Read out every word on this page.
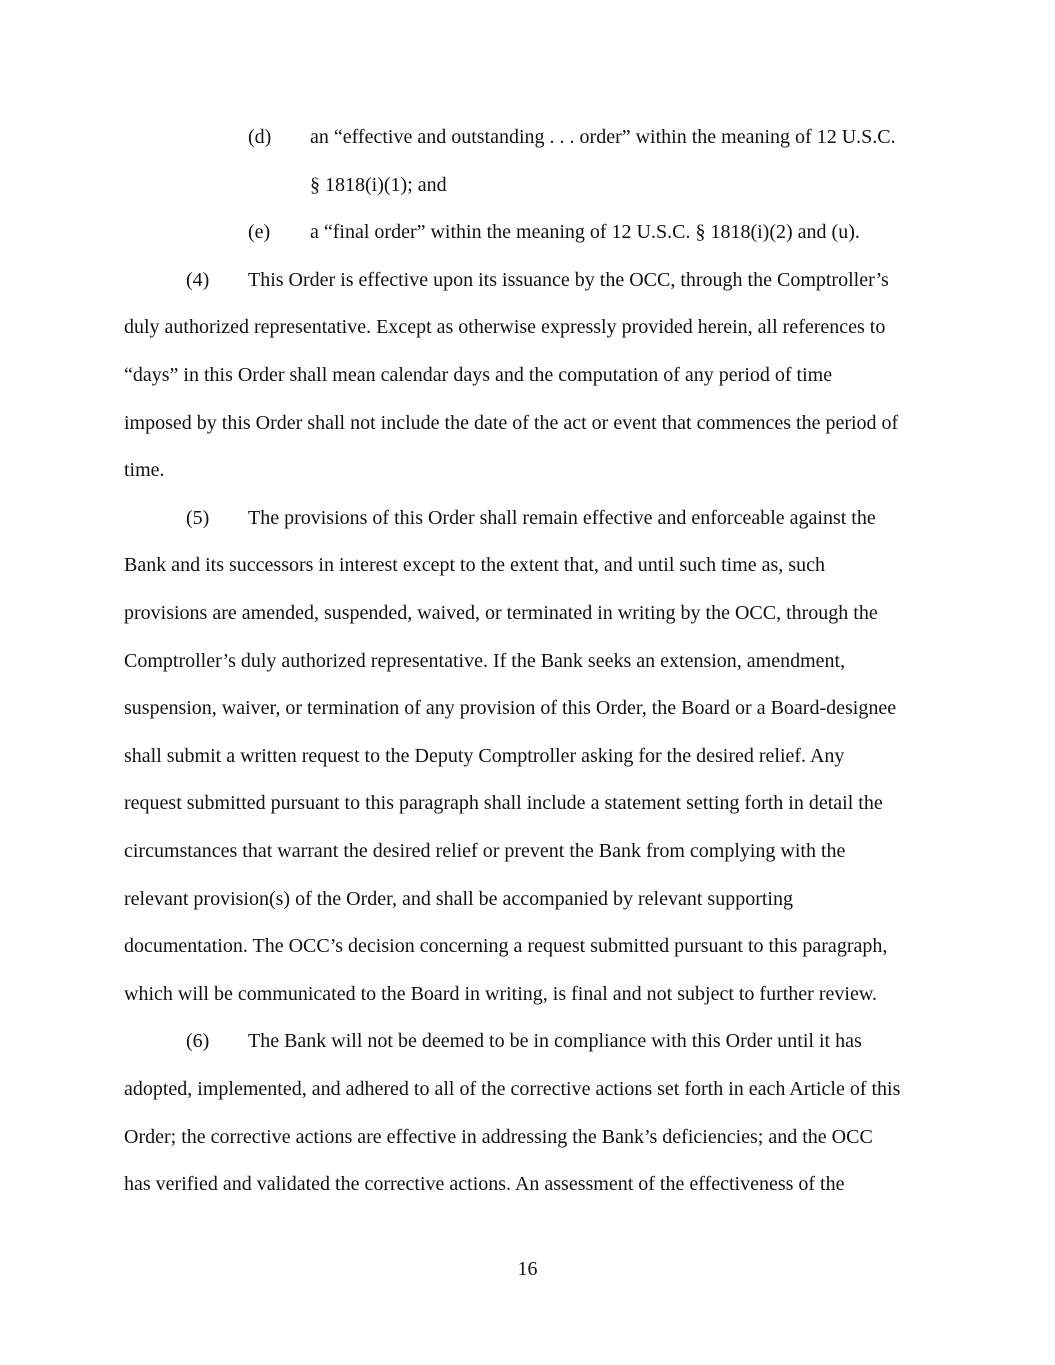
(d) an “effective and outstanding . . . order” within the meaning of 12 U.S.C.
§ 1818(i)(1); and
(e) a “final order” within the meaning of 12 U.S.C. § 1818(i)(2) and (u).
(4) This Order is effective upon its issuance by the OCC, through the Comptroller’s
duly authorized representative. Except as otherwise expressly provided herein, all references to
“days” in this Order shall mean calendar days and the computation of any period of time
imposed by this Order shall not include the date of the act or event that commences the period of
time.
(5) The provisions of this Order shall remain effective and enforceable against the
Bank and its successors in interest except to the extent that, and until such time as, such
provisions are amended, suspended, waived, or terminated in writing by the OCC, through the
Comptroller’s duly authorized representative. If the Bank seeks an extension, amendment,
suspension, waiver, or termination of any provision of this Order, the Board or a Board-designee
shall submit a written request to the Deputy Comptroller asking for the desired relief. Any
request submitted pursuant to this paragraph shall include a statement setting forth in detail the
circumstances that warrant the desired relief or prevent the Bank from complying with the
relevant provision(s) of the Order, and shall be accompanied by relevant supporting
documentation. The OCC’s decision concerning a request submitted pursuant to this paragraph,
which will be communicated to the Board in writing, is final and not subject to further review.
(6) The Bank will not be deemed to be in compliance with this Order until it has
adopted, implemented, and adhered to all of the corrective actions set forth in each Article of this
Order; the corrective actions are effective in addressing the Bank’s deficiencies; and the OCC
has verified and validated the corrective actions. An assessment of the effectiveness of the
16
